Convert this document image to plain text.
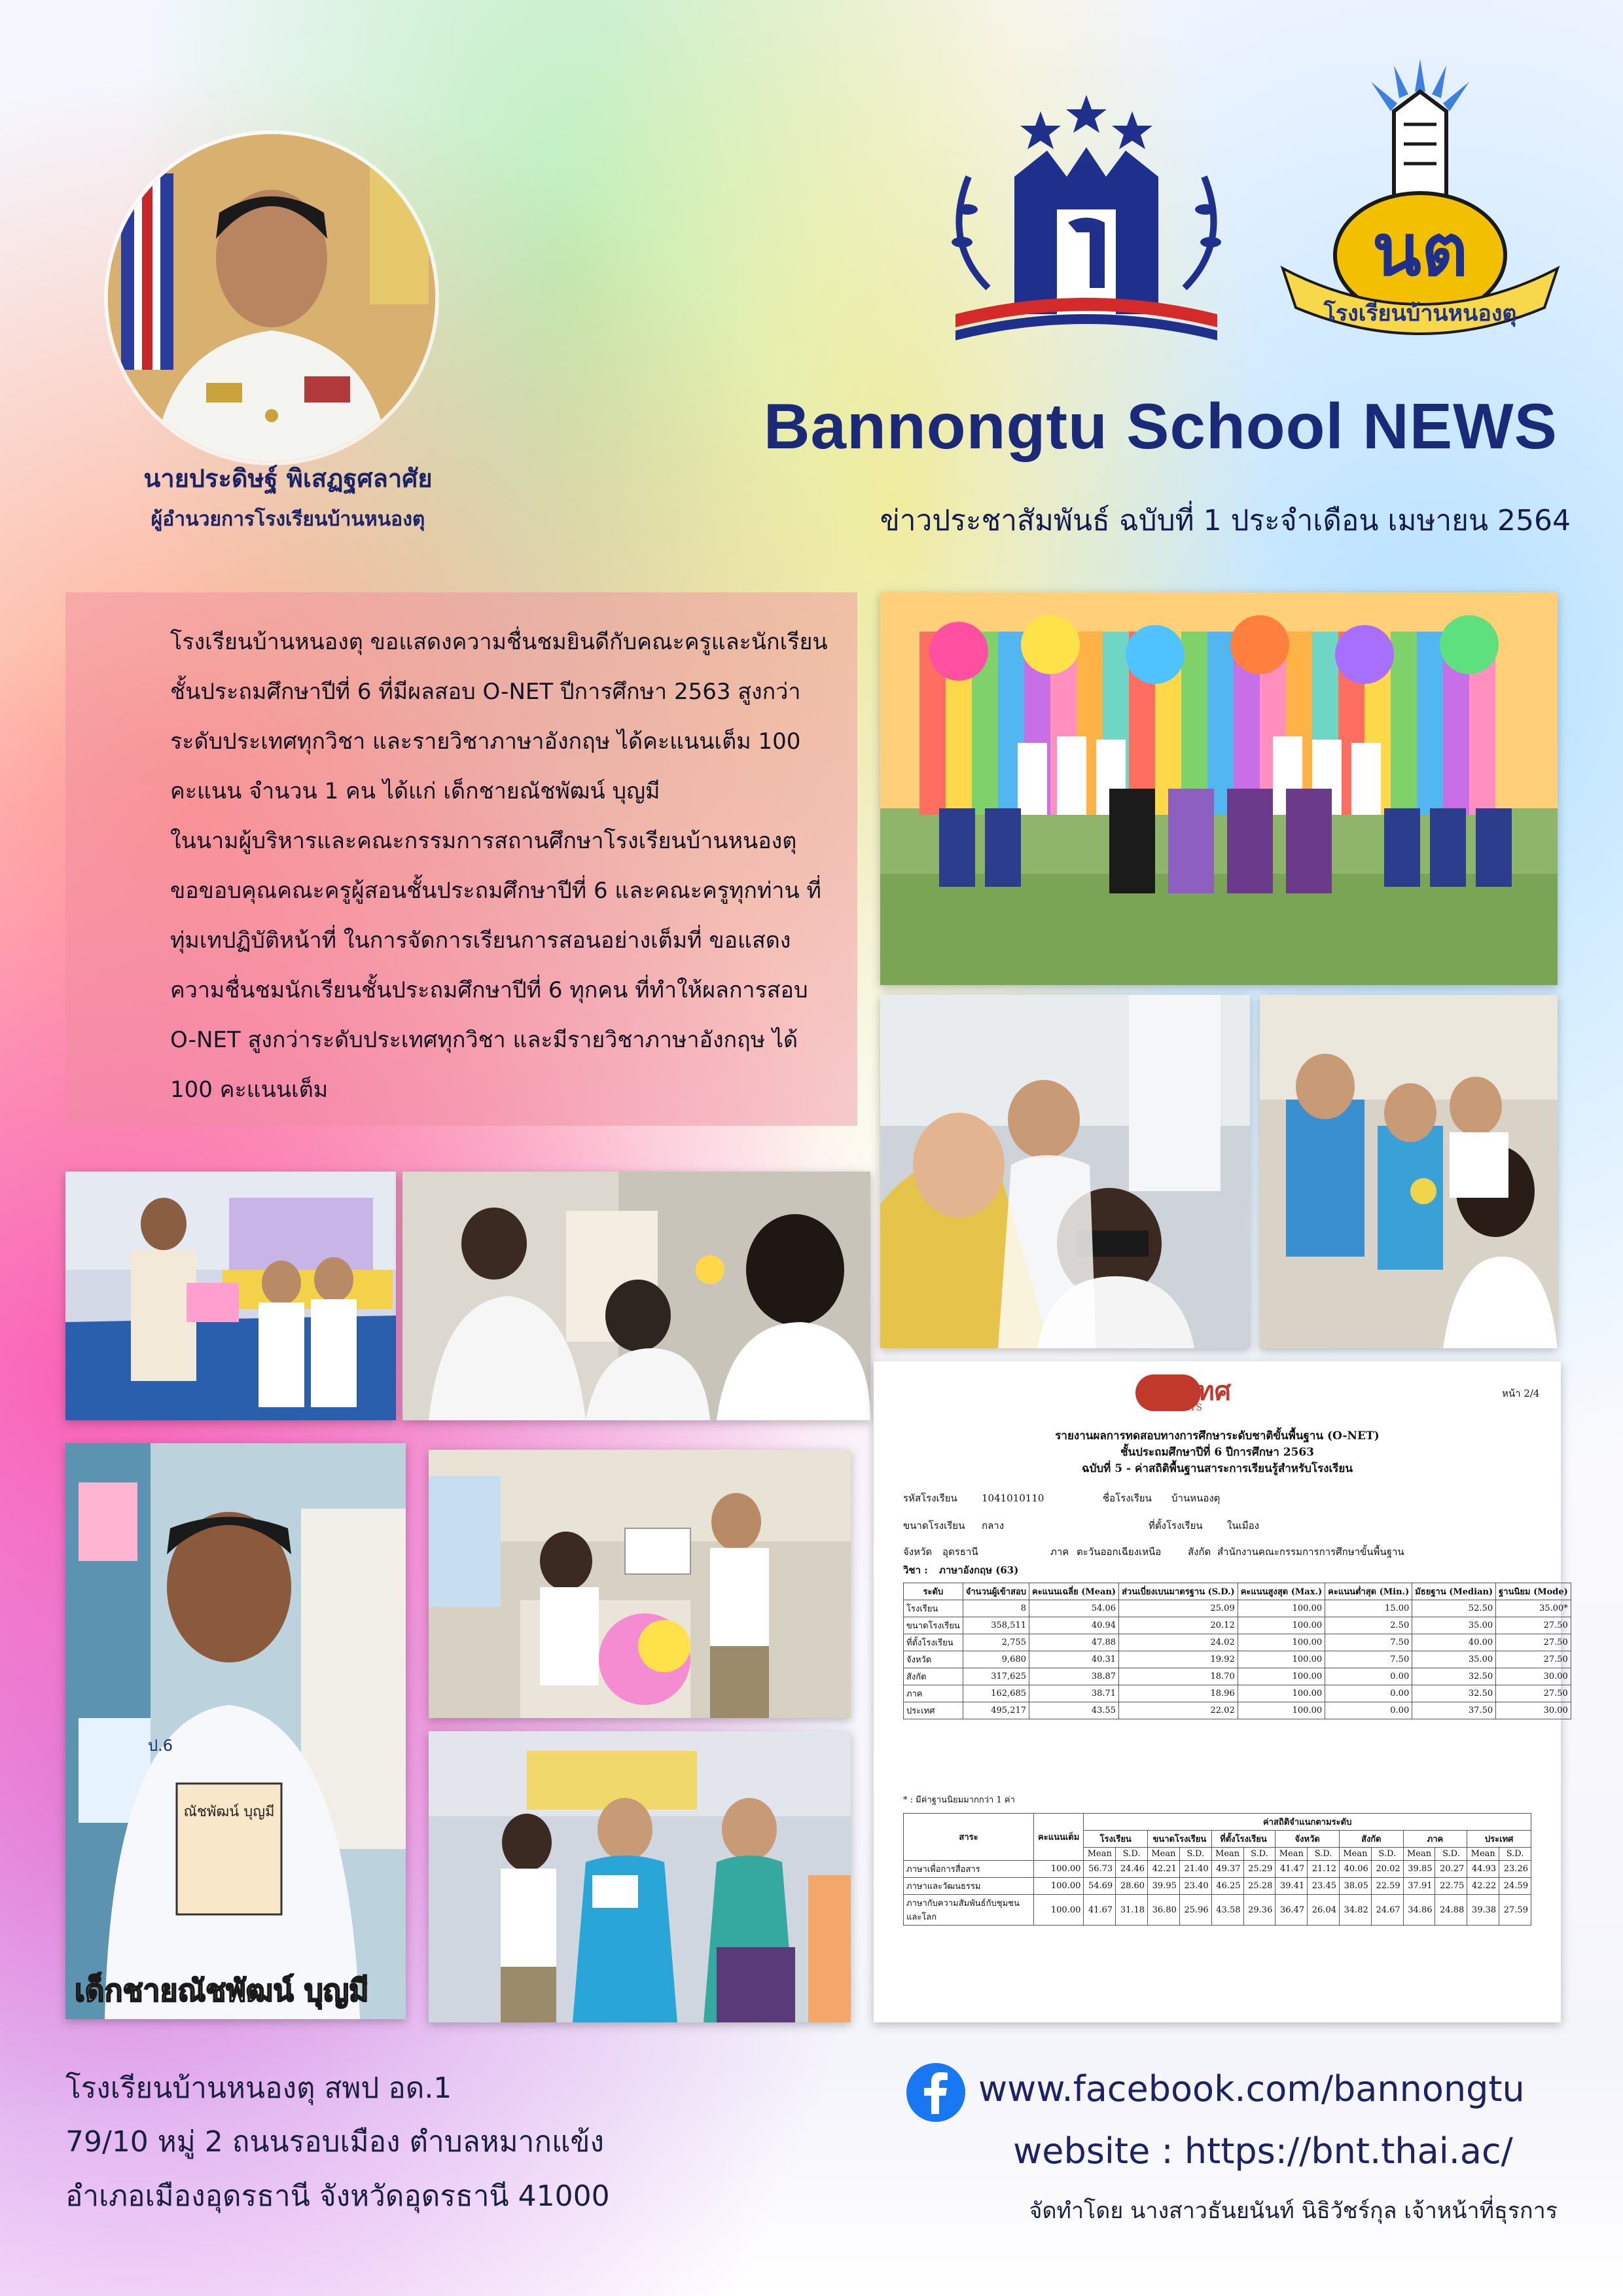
นายประดิษฐ์ พิเสฏฐศลาศัย
ผู้อำนวยการโรงเรียนบ้านหนองตุ
นต
โรงเรียนบ้านหนองตุ
Bannongtu School NEWS
ข่าวประชาสัมพันธ์ ฉบับที่ 1 ประจำเดือน เมษายน 2564

โรงเรียนบ้านหนองตุ ขอแสดงความชื่นชมยินดีกับคณะครูและนักเรียนชั้นประถมศึกษาปีที่ 6 ที่มีผลสอบ O-NET ปีการศึกษา 2563 สูงกว่าระดับประเทศทุกวิชา และรายวิชาภาษาอังกฤษ ได้คะแนนเต็ม 100 คะแนน จำนวน 1 คน ได้แก่ เด็กชายณัชพัฒน์ บุญมี

ในนามผู้บริหารและคณะกรรมการสถานศึกษาโรงเรียนบ้านหนองตุ ขอขอบคุณคณะครูผู้สอนชั้นประถมศึกษาปีที่ 6 และคณะครูทุกท่าน ที่ทุ่มเทปฏิบัติหน้าที่ ในการจัดการเรียนการสอนอย่างเต็มที่ ขอแสดงความชื่นชมนักเรียนชั้นประถมศึกษาปีที่ 6 ทุกคน ที่ทำให้ผลการสอบ O-NET สูงกว่าระดับประเทศทุกวิชา และมีรายวิชาภาษาอังกฤษ ได้ 100 คะแนนเต็ม

ณัชพัฒน์ บุญมี
ป.6
เด็กชายณัชพัฒน์ บุญมี
หน้า 2/4
สทศ
NIETS
รายงานผลการทดสอบทางการศึกษาระดับชาติขั้นพื้นฐาน (O-NET)
ชั้นประถมศึกษาปีที่ 6 ปีการศึกษา 2563
ฉบับที่ 5 - ค่าสถิติพื้นฐานสาระการเรียนรู้สำหรับโรงเรียน
รหัสโรงเรียน 1041010110	ชื่อโรงเรียน บ้านหนองตุ
ขนาดโรงเรียน กลาง	ที่ตั้งโรงเรียน ในเมือง
จังหวัด อุดรธานี	ภาค ตะวันออกเฉียงเหนือ	สังกัด สำนักงานคณะกรรมการการศึกษาขั้นพื้นฐาน
วิชา : ภาษาอังกฤษ (63)
ระดับ	จำนวนผู้เข้าสอบ	คะแนนเฉลี่ย (Mean)	ส่วนเบี่ยงเบนมาตรฐาน (S.D.)	คะแนนสูงสุด (Max.)	คะแนนต่ำสุด (Min.)	มัธยฐาน (Median)	ฐานนิยม (Mode)
โรงเรียน	8	54.06	25.09	100.00	15.00	52.50	35.00*
ขนาดโรงเรียน	358,511	40.94	20.12	100.00	2.50	35.00	27.50
ที่ตั้งโรงเรียน	2,755	47.88	24.02	100.00	7.50	40.00	27.50
จังหวัด	9,680	40.31	19.92	100.00	7.50	35.00	27.50
สังกัด	317,625	38.87	18.70	100.00	0.00	32.50	30.00
ภาค	162,685	38.71	18.96	100.00	0.00	32.50	27.50
ประเทศ	495,217	43.55	22.02	100.00	0.00	37.50	30.00
* : มีค่าฐานนิยมมากกว่า 1 ค่า
สาระ	คะแนนเต็ม	ค่าสถิติจำแนกตามระดับ													
		โรงเรียน		ขนาดโรงเรียน		ที่ตั้งโรงเรียน		จังหวัด		สังกัด		ภาค		ประเทศ	
		Mean	S.D.	Mean	S.D.	Mean	S.D.	Mean	S.D.	Mean	S.D.	Mean	S.D.	Mean	S.D.
ภาษาเพื่อการสื่อสาร	100.00	56.73	24.46	42.21	21.40	49.37	25.29	41.47	21.12	40.06	20.02	39.85	20.27	44.93	23.26
ภาษาและวัฒนธรรม	100.00	54.69	28.60	39.95	23.40	46.25	25.28	39.41	23.45	38.05	22.59	37.91	22.75	42.22	24.59
ภาษากับความสัมพันธ์กับชุมชนและโลก	100.00	41.67	31.18	36.80	25.96	43.58	29.36	36.47	26.04	34.82	24.67	34.86	24.88	39.38	27.59
โรงเรียนบ้านหนองตุ สพป อด.1
79/10 หมู่ 2 ถนนรอบเมือง ตำบลหมากแข้ง
อำเภอเมืองอุดรธานี จังหวัดอุดรธานี 41000
www.facebook.com/bannongtu
website : https://bnt.thai.ac/
จัดทำโดย นางสาวธันยนันท์ นิธิวัชร์กุล เจ้าหน้าที่ธุรการ
